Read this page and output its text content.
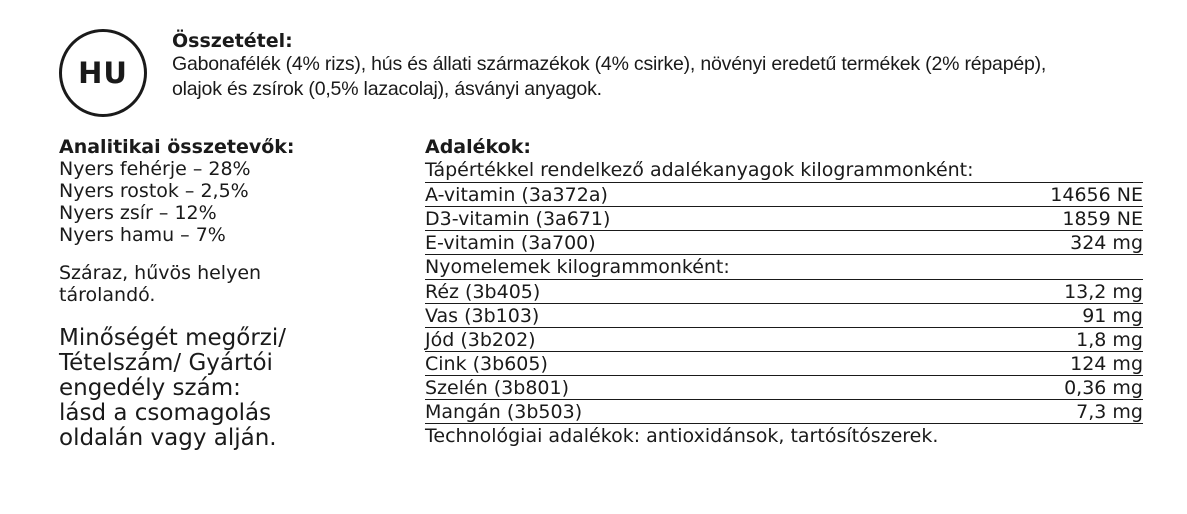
HU
Összetétel:
Gabonafélék (4% rizs), hús és állati származékok (4% csirke), növényi eredetű termékek (2% répapép),
olajok és zsírok (0,5% lazacolaj), ásványi anyagok.
Analitikai összetevők:
Nyers fehérje – 28%
Nyers rostok – 2,5%
Nyers zsír – 12%
Nyers hamu – 7%
Száraz, hűvös helyen tárolandó.
Minőségét megőrzi/
Tételszám/ Gyártói
engedély szám:
lásd a csomagolás
oldalán vagy alján.
Adalékok:
Tápértékkel rendelkező adalékanyagok kilogrammonként:
A-vitamin (3a372a)	14656 NE
D3-vitamin (3a671)	1859 NE
E-vitamin (3a700)	324 mg
Nyomelemek kilogrammonként:
Réz (3b405)	13,2 mg
Vas (3b103)	91 mg
Jód (3b202)	1,8 mg
Cink (3b605)	124 mg
Szelén (3b801)	0,36 mg
Mangán (3b503)	7,3 mg
Technológiai adalékok: antioxidánsok, tartósítószerek.
